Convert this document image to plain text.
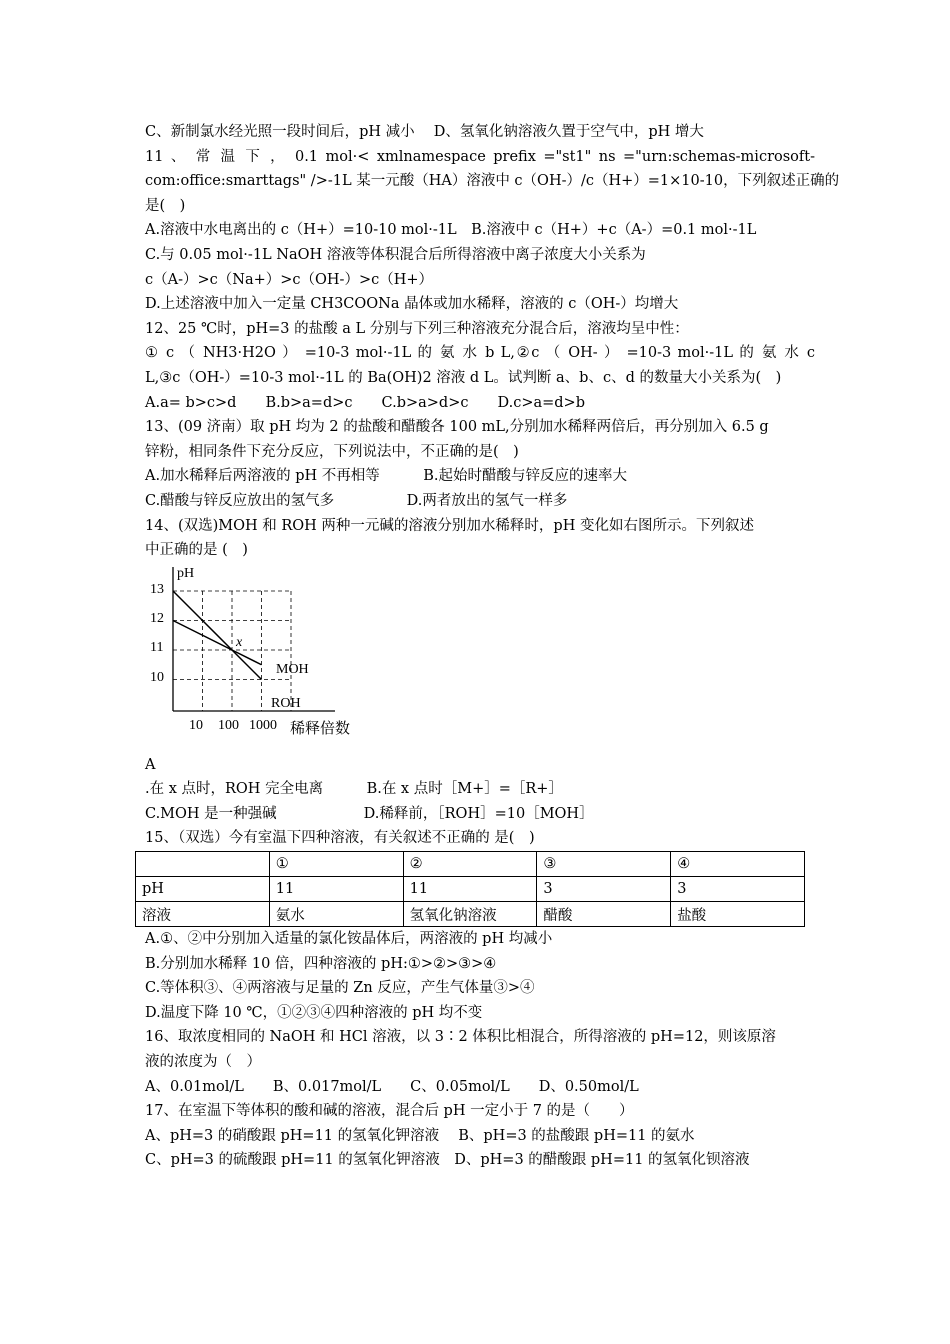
C、新制氯水经光照一段时间后，pH 减小　 D、氢氧化钠溶液久置于空气中，pH 增大
11 、 常 温 下 ， 0.1 mol·< xmlnamespace prefix ="st1" ns ="urn:schemas-microsoft-
com:office:smarttags" />-1L 某一元酸（HA）溶液中 c（OH-）/c（H+）=1×10-10，下列叙述正确的
是(　)
A.溶液中水电离出的 c（H+）=10-10 mol·-1L　B.溶液中 c（H+）+c（A-）=0.1 mol·-1L
C.与 0.05 mol·-1L NaOH 溶液等体积混合后所得溶液中离子浓度大小关系为
c（A-）>c（Na+）>c（OH-）>c（H+）
D.上述溶液中加入一定量 CH3COONa 晶体或加水稀释，溶液的 c（OH-）均增大
12、25 ℃时，pH=3 的盐酸 a L 分别与下列三种溶液充分混合后，溶液均呈中性：
① c （ NH3·H2O ） =10-3 mol·-1L 的 氨 水 b L,②c （ OH- ） =10-3 mol·-1L 的 氨 水 c
L,③c（OH-）=10-3 mol·-1L 的 Ba(OH)2 溶液 d L。试判断 a、b、c、d 的数量大小关系为(　)
A.a= b>c>d　　B.b>a=d>c　　C.b>a>d>c　　D.c>a=d>b
13、(09 济南）取 pH 均为 2 的盐酸和醋酸各 100 mL,分别加水稀释两倍后，再分别加入 6.5 g
锌粉，相同条件下充分反应，下列说法中，不正确的是(　)
A.加水稀释后两溶液的 pH 不再相等　　　B.起始时醋酸与锌反应的速率大
C.醋酸与锌反应放出的氢气多　　　　　D.两者放出的氢气一样多
14、(双选)MOH 和 ROH 两种一元碱的溶液分别加水稀释时，pH 变化如右图所示。下列叙述
中正确的是 (　)
pH
稀释倍数
13
12
11
10
10 100 1000
x
MOH
ROH
A
.在 x 点时，ROH 完全电离　　　B.在 x 点时［M+］=［R+］
C.MOH 是一种强碱　　　　　　D.稀释前，［ROH］=10［MOH］
15、（双选）今有室温下四种溶液，有关叙述不正确的 是(　)
	①	②	③	④
pH	11	11	3	3
溶液	氨水	氢氧化钠溶液	醋酸	盐酸
A.①、②中分别加入适量的氯化铵晶体后，两溶液的 pH 均减小
B.分别加水稀释 10 倍，四种溶液的 pH:①>②>③>④
C.等体积③、④两溶液与足量的 Zn 反应，产生气体量③>④
D.温度下降 10 ℃，①②③④四种溶液的 pH 均不变
16、取浓度相同的 NaOH 和 HCl 溶液，以 3∶2 体积比相混合，所得溶液的 pH=12，则该原溶
液的浓度为（　）
A、0.01mol/L　　B、0.017mol/L　　C、0.05mol/L　　D、0.50mol/L
17、在室温下等体积的酸和碱的溶液，混合后 pH 一定小于 7 的是（　　）
A、pH=3 的硝酸跟 pH=11 的氢氧化钾溶液　 B、pH=3 的盐酸跟 pH=11 的氨水
C、pH=3 的硫酸跟 pH=11 的氢氧化钾溶液　D、pH=3 的醋酸跟 pH=11 的氢氧化钡溶液
